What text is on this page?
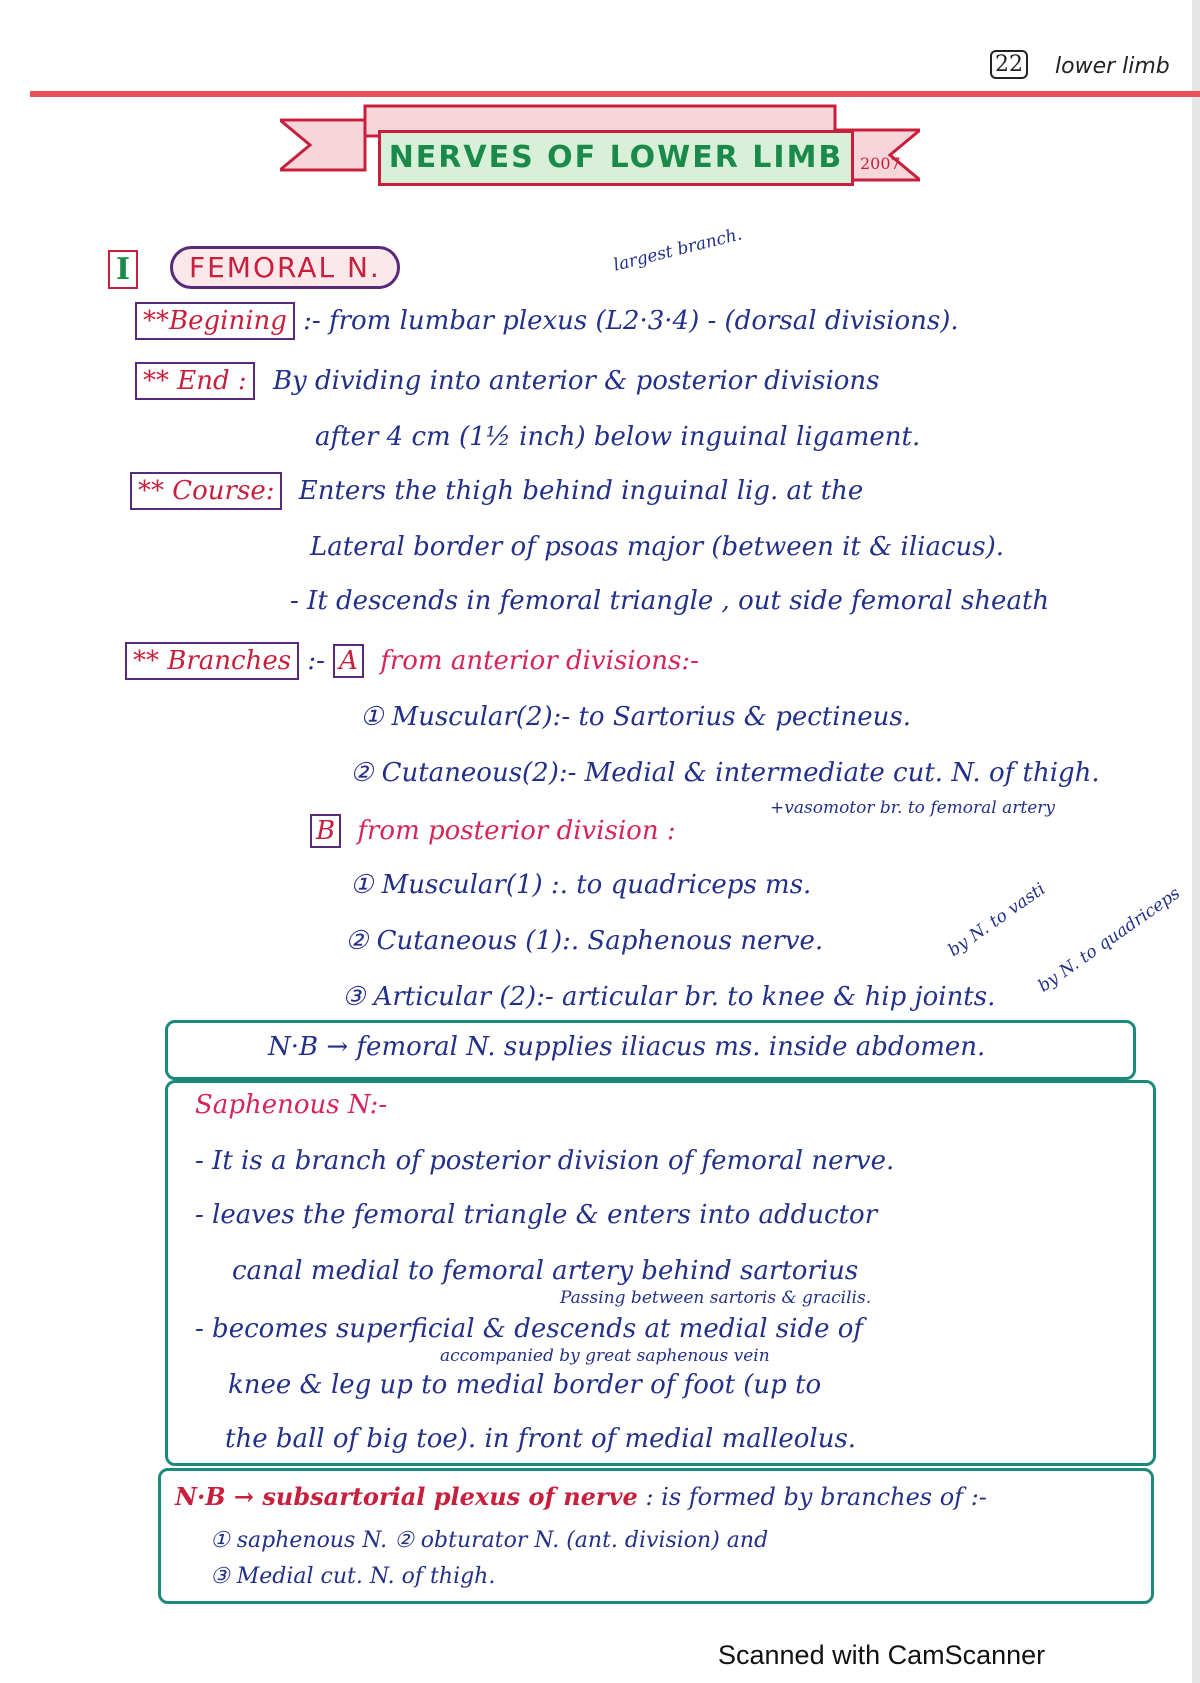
22 lower limb
NERVES OF LOWER LIMB	2007
I	FEMORAL N.	largest branch.
**Begining :- from lumbar plexus (L2·3·4) - (dorsal divisions).
** End : By dividing into anterior & posterior divisions
after 4 cm (1½ inch) below inguinal ligament.
** Course: Enters the thigh behind inguinal lig. at the
Lateral border of psoas major (between it & iliacus).
- It descends in femoral triangle , out side femoral sheath
** Branches :- A from anterior divisions:-
① Muscular(2):- to Sartorius & pectineus.
② Cutaneous(2):- Medial & intermediate cut. N. of thigh.
+vasomotor br. to femoral artery
B from posterior division :
① Muscular(1) :. to quadriceps ms.
② Cutaneous (1):. Saphenous nerve.
③ Articular (2):- articular br. to knee & hip joints.
by N. to vasti
by N. to quadriceps
N·B → femoral N. supplies iliacus ms. inside abdomen.
Saphenous N:-
- It is a branch of posterior division of femoral nerve.
- leaves the femoral triangle & enters into adductor
canal medial to femoral artery behind sartorius
Passing between sartoris & gracilis.
- becomes superficial & descends at medial side of
accompanied by great saphenous vein
knee & leg up to medial border of foot (up to
the ball of big toe). in front of medial malleolus.
N·B → subsartorial plexus of nerve : is formed by branches of :-
① saphenous N. ② obturator N. (ant. division) and
③ Medial cut. N. of thigh.
Scanned with CamScanner
